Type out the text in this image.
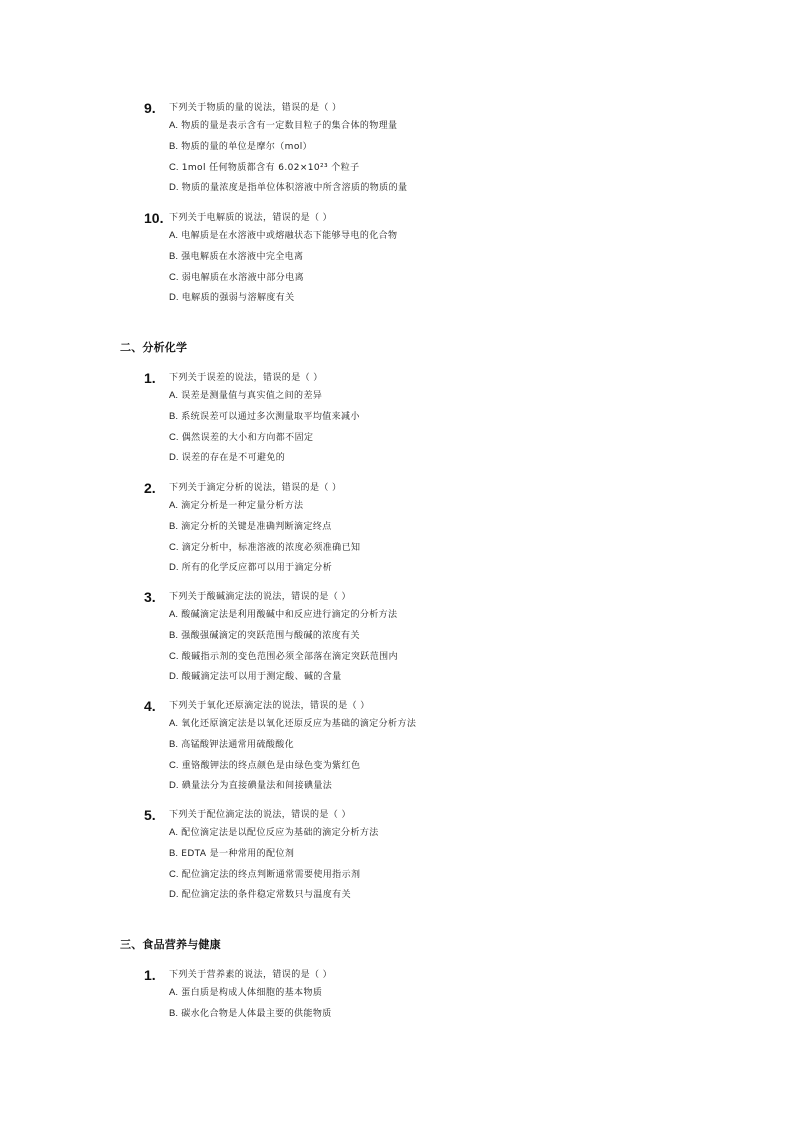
9. 下列关于物质的量的说法，错误的是（ ）
A. 物质的量是表示含有一定数目粒子的集合体的物理量
B. 物质的量的单位是摩尔（mol）
C. 1mol 任何物质都含有 6.02×10²³ 个粒子
D. 物质的量浓度是指单位体积溶液中所含溶质的物质的量
10. 下列关于电解质的说法，错误的是（ ）
A. 电解质是在水溶液中或熔融状态下能够导电的化合物
B. 强电解质在水溶液中完全电离
C. 弱电解质在水溶液中部分电离
D. 电解质的强弱与溶解度有关
二、分析化学
1. 下列关于误差的说法，错误的是（ ）
A. 误差是测量值与真实值之间的差异
B. 系统误差可以通过多次测量取平均值来减小
C. 偶然误差的大小和方向都不固定
D. 误差的存在是不可避免的
2. 下列关于滴定分析的说法，错误的是（ ）
A. 滴定分析是一种定量分析方法
B. 滴定分析的关键是准确判断滴定终点
C. 滴定分析中，标准溶液的浓度必须准确已知
D. 所有的化学反应都可以用于滴定分析
3. 下列关于酸碱滴定法的说法，错误的是（ ）
A. 酸碱滴定法是利用酸碱中和反应进行滴定的分析方法
B. 强酸强碱滴定的突跃范围与酸碱的浓度有关
C. 酸碱指示剂的变色范围必须全部落在滴定突跃范围内
D. 酸碱滴定法可以用于测定酸、碱的含量
4. 下列关于氧化还原滴定法的说法，错误的是（ ）
A. 氧化还原滴定法是以氧化还原反应为基础的滴定分析方法
B. 高锰酸钾法通常用硫酸酸化
C. 重铬酸钾法的终点颜色是由绿色变为紫红色
D. 碘量法分为直接碘量法和间接碘量法
5. 下列关于配位滴定法的说法，错误的是（ ）
A. 配位滴定法是以配位反应为基础的滴定分析方法
B. EDTA 是一种常用的配位剂
C. 配位滴定法的终点判断通常需要使用指示剂
D. 配位滴定法的条件稳定常数只与温度有关
三、食品营养与健康
1. 下列关于营养素的说法，错误的是（ ）
A. 蛋白质是构成人体细胞的基本物质
B. 碳水化合物是人体最主要的供能物质
